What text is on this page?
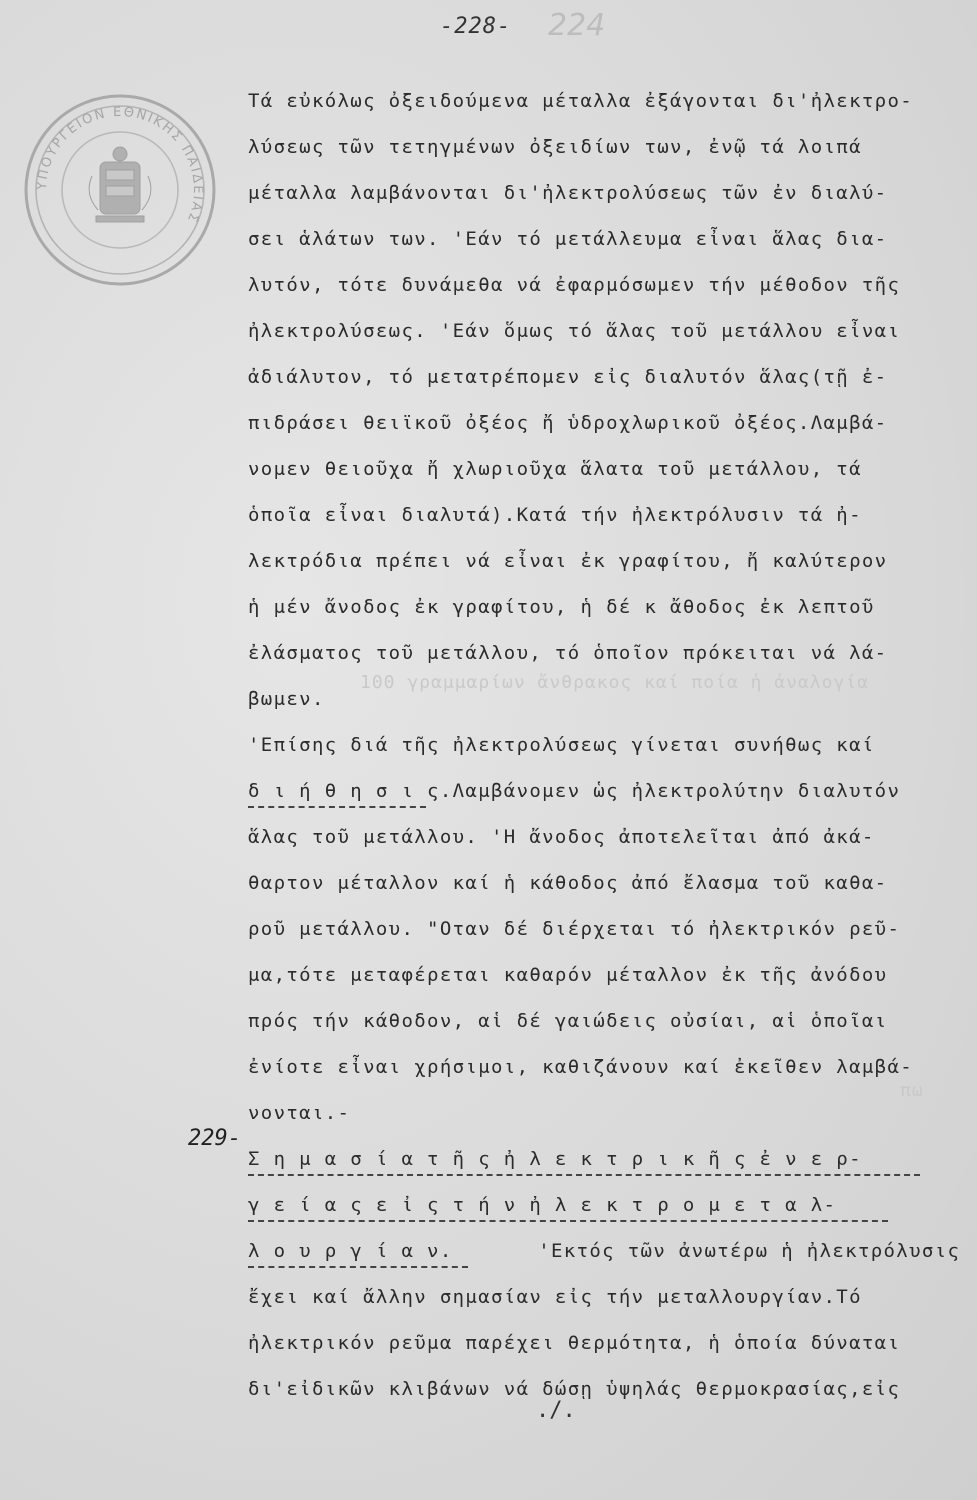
-228- 224
ΥΠΟΥΡΓΕΙΟΝ ΕΘΝΙΚΗΣ ΠΑΙΔΕΙΑΣ
100 γραμμαρίων ἄνθρακος καί ποία ἡ ἀναλογία
πω
Τά εὐκόλως ὀξειδούμενα μέταλλα ἐξάγονται δι'ἠλεκτρο-
λύσεως τῶν τετηγμένων ὀξειδίων των, ἐνῷ τά λοιπά
μέταλλα λαμβάνονται δι'ἠλεκτρολύσεως τῶν ἐν διαλύ-
σει ἁλάτων των. 'Εάν τό μετάλλευμα εἶναι ἅλας δια-
λυτόν, τότε δυνάμεθα νά ἐφαρμόσωμεν τήν μέθοδον τῆς
ἠλεκτρολύσεως. 'Εάν ὅμως τό ἅλας τοῦ μετάλλου εἶναι
ἀδιάλυτον, τό μετατρέπομεν εἰς διαλυτόν ἅλας(τῇ ἐ-
πιδράσει θειϊκοῦ ὀξέος ἤ ὑδροχλωρικοῦ ὀξέος.Λαμβά-
νομεν θειοῦχα ἤ χλωριοῦχα ἅλατα τοῦ μετάλλου, τά
ὁποῖα εἶναι διαλυτά).Κατά τήν ἠλεκτρόλυσιν τά ἠ-
λεκτρόδια πρέπει νά εἶναι ἐκ γραφίτου, ἤ καλύτερον
ἡ μέν ἄνοδος ἐκ γραφίτου, ἡ δέ κ ἄθοδος ἐκ λεπτοῦ
ἐλάσματος τοῦ μετάλλου, τό ὁποῖον πρόκειται νά λά-
βωμεν.
'Επίσης διά τῆς ἠλεκτρολύσεως γίνεται συνήθως καί
δ ι ή θ η σ ι ς.Λαμβάνομεν ὡς ἠλεκτρολύτην διαλυτόν
ἅλας τοῦ μετάλλου. 'Η ἄνοδος ἀποτελεῖται ἀπό ἀκά-
θαρτον μέταλλον καί ἡ κάθοδος ἀπό ἔλασμα τοῦ καθα-
ροῦ μετάλλου. "Οταν δέ διέρχεται τό ἠλεκτρικόν ρεῦ-
μα,τότε μεταφέρεται καθαρόν μέταλλον ἐκ τῆς ἀνόδου
πρός τήν κάθοδον, αἱ δέ γαιώδεις οὐσίαι, αἱ ὁποῖαι
ἐνίοτε εἶναι χρήσιμοι, καθιζάνουν καί ἐκεῖθεν λαμβά-
νονται.-
Σ η μ α σ ί α τ ῆ ς ἠ λ ε κ τ ρ ι κ ῆ ς ἐ ν ε ρ-
γ ε ί α ς ε ἰ ς τ ή ν ἠ λ ε κ τ ρ ο μ ε τ α λ-
λ ο υ ρ γ ί α ν.	'Εκτός τῶν ἀνωτέρω ἡ ἠλεκτρόλυσις
ἔχει καί ἄλλην σημασίαν εἰς τήν μεταλλουργίαν.Τό
ἠλεκτρικόν ρεῦμα παρέχει θερμότητα, ἡ ὁποία δύναται
δι'εἰδικῶν κλιβάνων νά δώσῃ ὑψηλάς θερμοκρασίας,εἰς
229-
./.
